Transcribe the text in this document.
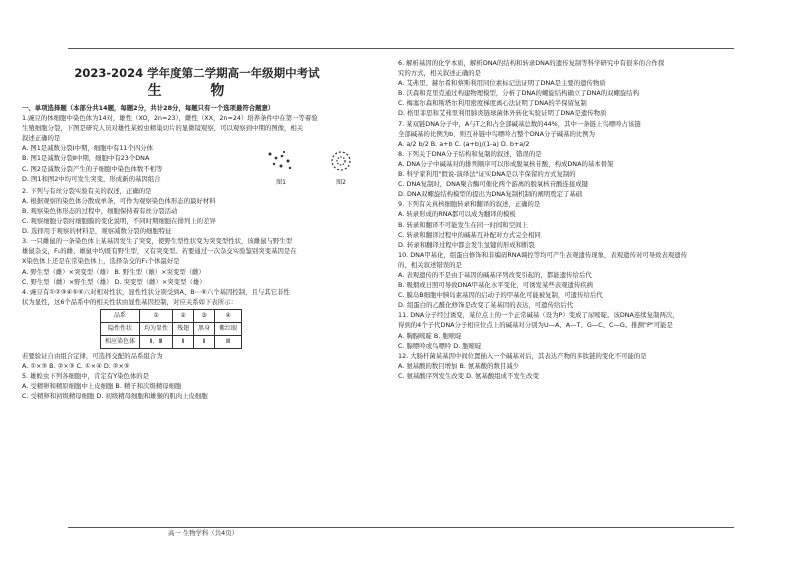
2023-2024 学年度第二学期高一年级期中考试

生 物

一、单项选择题（本部分共14题，每题2分，共计28分，每题只有一个选项最符合题意）

1.豌豆的体细胞中染色体为14对，雄性（XO，2n=23），雌性（XX，2n=24）培养条件中在第一等着验

生殖细胞分裂，下图是研究人员对雄性某蝗虫精巢切片的显微镜观察，可以观察到中期的图像，相关

叙述正确的是

A. 图1是减数分裂Ⅰ中期，细胞中有11个四分体

B. 图1是减数分裂Ⅱ中期，细胞中有23个DNA

C. 图2是减数分裂产生的子细胞中染色体数不相等

D. 图1和图2中均可发生突变，形成新的基因组合	图1	图2

2. 下列与有丝分裂实验有关的叙述，正确的是

A. 根据观察的染色体分散成单条，可作为观察染色体形态的最好材料

B. 观察染色体形态的过程中，细胞保持着有丝分裂活动

C. 观察细胞分裂时细胞膜的变化说明，不同时期细胞在排列上的差异

D. 选择用于观察的材料是，观察减数分裂的细胞特征

3. 一只雌鼠的一条染色体上某基因发生了突变，使野生型性状变为突变型性状，该雌鼠与野生型

雄鼠杂交，F₁的雌、雄鼠中均既有野生型，又有突变型。若要通过一次杂交实验鉴别突变基因是在

X染色体上还是在常染色体上，选择杂交的F₁个体最好是

A. 野生型（雌）×突变型（雄） B. 野生型（雄）×突变型（雌）

C. 野生型（雌）×野生型（雄） D. 突变型（雌）×突变型（雄）

4. 豌豆有①②③④⑤⑥六对相对性状，显性性状分别受到A、B⋯⑥六个基因控制，且与其它非性

状为显性，这6个品系中的相关性状由显性基因控制，对应关系如下表所示：

品系	①	②	③	④
隐性性状	均为显性	残翅	黑身	紫红眼
相应染色体	Ⅱ、Ⅲ	Ⅱ	Ⅱ	Ⅲ

若要验证自由组合定律，可选择交配的品系组合为

A. ①×③ B. ②×③ C. ①×④ D. ②×⑤

5. 雄蝗虫下列各细胞中，肯定有Y染色体的是

A. 受精卵和精原细胞中上皮细胞 B. 精子和次级精母细胞

C. 受精卵和初级精母细胞 D. 初级精母细胞和雄猴的肌肉上皮细胞

6. 解析基因的化学本质，解析DNA的结构和转录DNA的遗传复制等科学研究中有很多的合作探

究的方式，相关叙述正确的是

A. 艾弗里、赫尔希和蔡斯利用同位素标记法证明了DNA是主要的遗传物质

B. 沃森和克里克通过构建物理模型，分析了DNA的螺旋结构确立了DNA的双螺旋结构

C. 梅塞尔森和斯塔尔利用密度梯度离心法证明了DNA的半保留复制

D. 格里菲思和艾弗里利用肺炎链球菌体外转化实验证明了DNA是遗传物质

7. 某双链DNA分子中，A与T之和占全部碱基总数的44%，其中一条链上鸟嘌呤占该链

全部碱基的比例为b，则互补链中鸟嘌呤占整个DNA分子碱基的比例为

A. a/2 b/2 B. a+b C. (a+b)/(1-a) D. b+a/2

8. 下列关于DNA分子结构和复制的叙述，错误的是

A. DNA分子中碱基对的排列顺序可以形成脱氧核苷酸，构成DNA的基本骨架

B. 科学家利用"假说-演绎法"证实DNA是以半保留的方式复制的

C. DNA复制时，DNA聚合酶可催化两个游离的脱氧核苷酸连接成键

D. DNA双螺旋结构模型的提出为DNA复制机制的阐明奠定了基础

9. 下列有关真核细胞转录和翻译的叙述，正确的是

A. 转录形成的RNA都可以成为翻译的模板

B. 转录和翻译不可能发生在同一时间和空间上

C. 转录和翻译过程中的碱基互补配对方式完全相同

D. 转录和翻译过程中都会发生氢键的形成和断裂

10. DNA甲基化，组蛋白修饰和非编码RNA调控等均可产生表观遗传现象，表观遗传对可导致表观遗传

的，相关叙述错误的是

A. 表观遗传的不是由于基因的碱基序列改变引起的，都能遗传给后代

B. 吸烟或日照可导致DNA甲基化水平变化，可诱发某些表观遗传疾病

C. 膜岛B细胞中胰岛素基因的启动子的甲基化可能被复制，可遗传给后代

D. 组蛋白的乙酰化修饰是改变了某基因的表达，可遗传给后代

11. DNA分子经过诱变，某位点上的一个正常碱基（设为P）变成了尿嘧啶。该DNA连续复制两次，

得到的4个子代DNA分子相应位点上的碱基对分别为U—A、A—T、G—C、C—G。推测"P"可能是

A. 胸腺嘧啶 B. 胞嘧啶

C. 腺嘌呤或鸟嘌呤 D. 胞嘧啶

12. 大肠杆菌某基因中间位置插入一个碱基对后，其表达产物的多肽链的变化不可能的是

A. 氨基酸的数目增加 B. 氨基酸的数目减少

C. 氨基酸序列发生改变 D. 氨基酸组成不发生改变

高一 生物学科（共4页）
